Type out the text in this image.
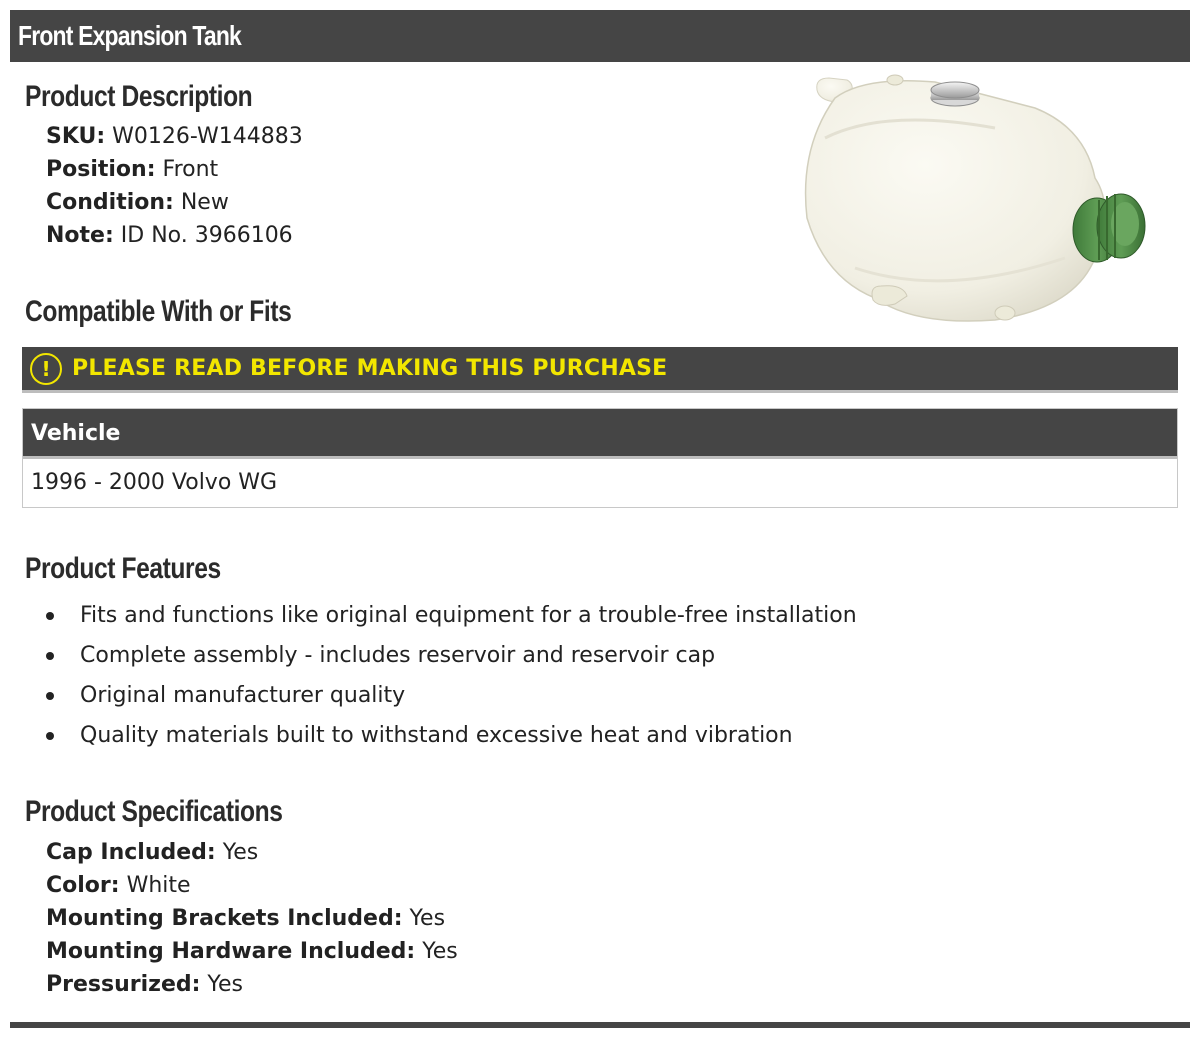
Front Expansion Tank
Product Description
SKU: W0126-W144883
Position: Front
Condition: New
Note: ID No. 3966106
Compatible With or Fits
! PLEASE READ BEFORE MAKING THIS PURCHASE
Vehicle
1996 - 2000 Volvo WG
Product Features
Fits and functions like original equipment for a trouble-free installation
Complete assembly - includes reservoir and reservoir cap
Original manufacturer quality
Quality materials built to withstand excessive heat and vibration
Product Specifications
Cap Included: Yes
Color: White
Mounting Brackets Included: Yes
Mounting Hardware Included: Yes
Pressurized: Yes
